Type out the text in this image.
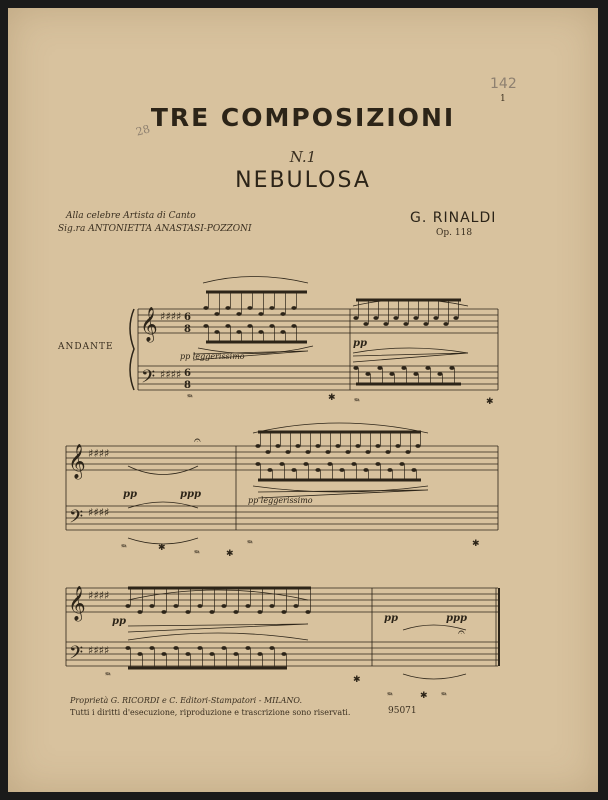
142
1
28 TRE COMPOSIZIONI
N.1
NEBULOSA
Alla celebre Artista di Canto
Sig.ra ANTONIETTA ANASTASI-POZZONI
G. RINALDI
Op. 118
ANDANTE
𝄞
𝄢
𝄞
𝄢
𝄞
𝄢
♯♯♯♯
♯♯♯♯
♯♯♯♯
♯♯♯♯
♯♯♯♯
♯♯♯♯
6
8
6
8
𝄐
𝄐
𝆮	✱ 𝆮	✱
𝆮	✱
𝆮	✱
𝆮	✱
𝆮	✱
𝆮	✱ 𝆮
pp leggerissimo
pp
pp	ppp
pp leggerissimo
pp	pp	ppp
Proprietà G. RICORDI e C. Editori-Stampatori - MILANO.
Tutti i diritti d'esecuzione, riproduzione e trascrizione sono riservati.	95071
